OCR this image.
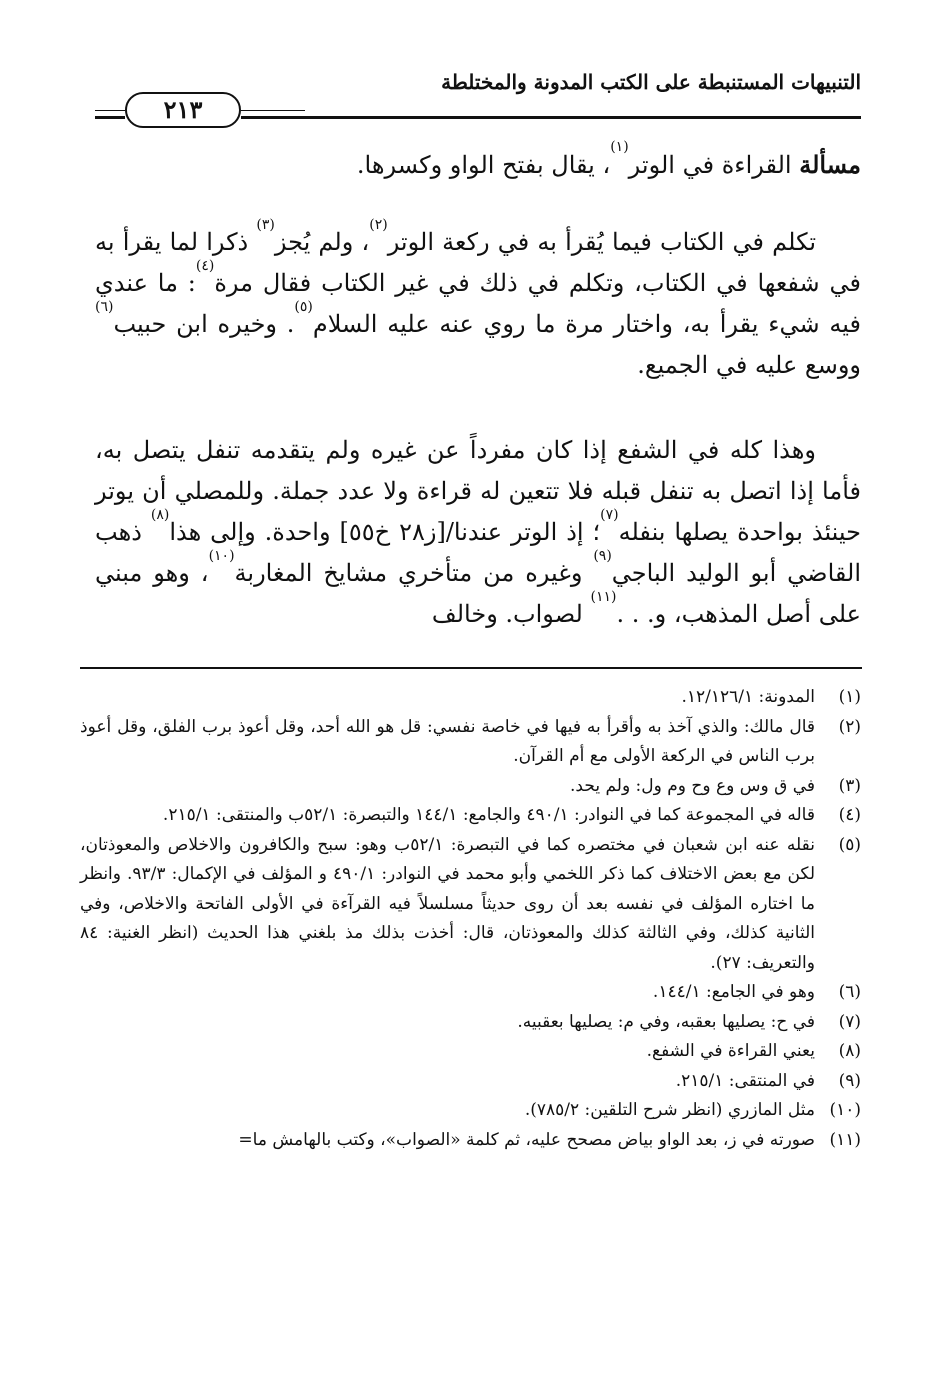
التنبيهات المستنبطة على الكتب المدونة والمختلطة
٢١٣
مسألة القراءة في الوتر$^{(١)}$، يقال بفتح الواو وكسرها.
تكلم في الكتاب فيما يُقرأ به في ركعة الوتر$^{(٢)}$، ولم يُجز$^{(٣)}$ ذكرا لما يقرأ به في شفعها في الكتاب، وتكلم في ذلك في غير الكتاب فقال مرة$^{(٤)}$: ما عندي فيه شيء يقرأ به، واختار مرة ما روي عنه عليه السلام$^{(٥)}$. وخيره ابن حبيب$^{(٦)}$ ووسع عليه في الجميع.
وهذا كله في الشفع إذا كان مفرداً عن غيره ولم يتقدمه تنفل يتصل به، فأما إذا اتصل به تنفل قبله فلا تتعين له قراءة ولا عدد جملة. وللمصلي أن يوتر حينئذ بواحدة يصلها بنفله$^{(٧)}$؛ إذ الوتر عندنا/[ز٢٨ خ٥٥] واحدة. وإلى هذا$^{(٨)}$ ذهب القاضي أبو الوليد الباجي$^{(٩)}$ وغيره من متأخري مشايخ المغاربة$^{(١٠)}$، وهو مبني على أصل المذهب، و. . .$^{(١١)}$ لصواب. وخالف
(١)
المدونة: ١٢/١٢٦/١.
(٢)
قال مالك: والذي آخذ به وأقرأ به فيها في خاصة نفسي: قل هو الله أحد، وقل أعوذ برب الفلق، وقل أعوذ برب الناس في الركعة الأولى مع أم القرآن.
(٣)
في ق وس وع وح وم ول: ولم يحد.
(٤)
قاله في المجموعة كما في النوادر: ٤٩٠/١ والجامع: ١٤٤/١ والتبصرة: ٥٢/١ب والمنتقى: ٢١٥/١.
(٥)
نقله عنه ابن شعبان في مختصره كما في التبصرة: ٥٢/١ب وهو: سبح والكافرون والاخلاص والمعوذتان، لكن مع بعض الاختلاف كما ذكر اللخمي وأبو محمد في النوادر: ٤٩٠/١ و المؤلف في الإكمال: ٩٣/٣. وانظر ما اختاره المؤلف في نفسه بعد أن روى حديثاً مسلسلاً فيه القرآءة في الأولى الفاتحة والاخلاص، وفي الثانية كذلك، وفي الثالثة كذلك والمعوذتان، قال: أخذت بذلك مذ بلغني هذا الحديث (انظر الغنية: ٨٤ والتعريف: ٢٧).
(٦)
وهو في الجامع: ١٤٤/١.
(٧)
في ح: يصليها بعقبه، وفي م: يصليها بعقبيه.
(٨)
يعني القراءة في الشفع.
(٩)
في المنتقى: ٢١٥/١.
(١٠)
مثل المازري (انظر شرح التلقين: ٧٨٥/٢).
(١١)
صورته في ز، بعد الواو بياض مصحح عليه، ثم كلمة «الصواب»، وكتب بالهامش ما=
